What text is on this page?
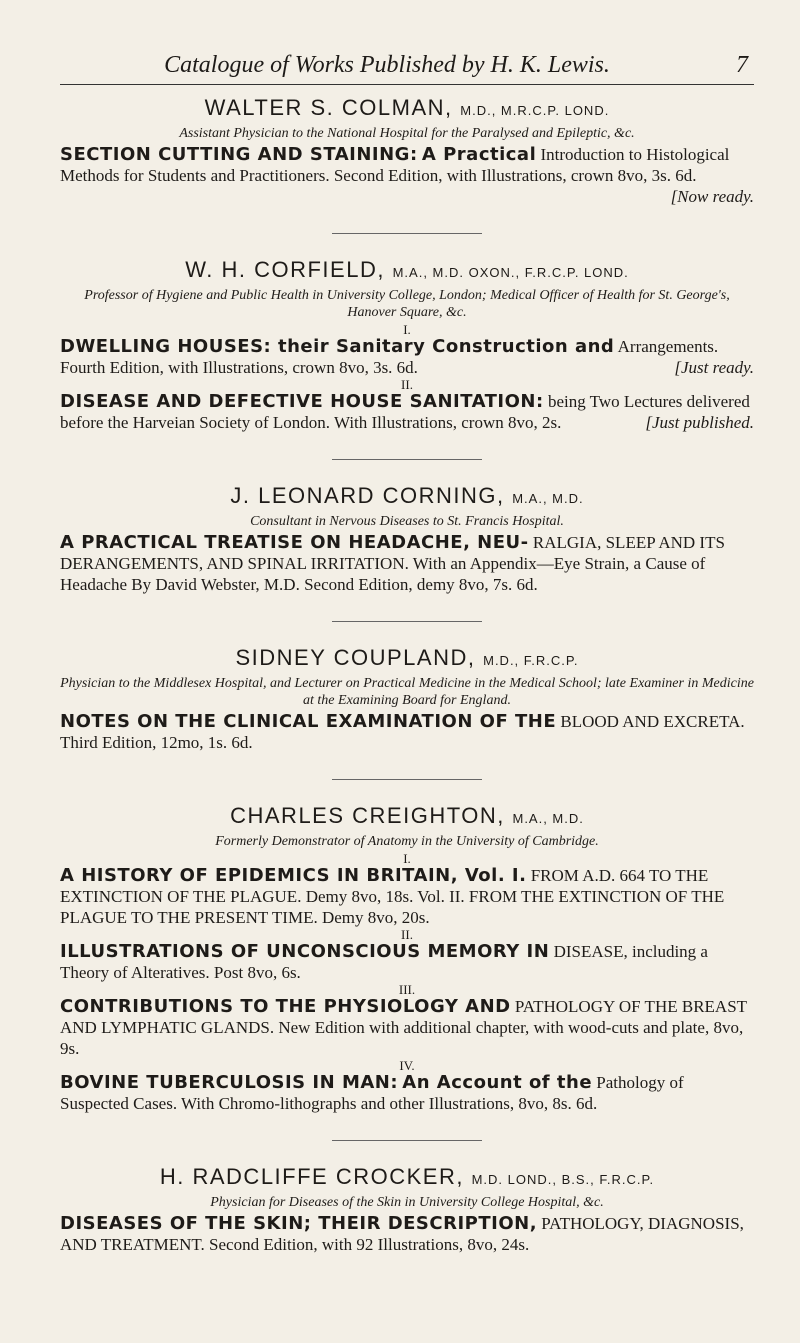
Catalogue of Works Published by H. K. Lewis.	7

WALTER S. COLMAN, M.D., M.R.C.P. LOND.

Assistant Physician to the National Hospital for the Paralysed and Epileptic, &c.

SECTION CUTTING AND STAINING: A Practical Introduction to Histological Methods for Students and Practitioners. Second Edition, with Illustrations, crown 8vo, 3s. 6d.
[Now ready.

W. H. CORFIELD, M.A., M.D. OXON., F.R.C.P. LOND.

Professor of Hygiene and Public Health in University College, London; Medical Officer of Health for St. George's, Hanover Square, &c.

I.

DWELLING HOUSES: their Sanitary Construction and Arrangements. Fourth Edition, with Illustrations, crown 8vo, 3s. 6d.	[Just ready.

II.

DISEASE AND DEFECTIVE HOUSE SANITATION: being Two Lectures delivered before the Harveian Society of London. With Illustrations, crown 8vo, 2s.	[Just published.

J. LEONARD CORNING, M.A., M.D.

Consultant in Nervous Diseases to St. Francis Hospital.

A PRACTICAL TREATISE ON HEADACHE, NEU- RALGIA, SLEEP AND ITS DERANGEMENTS, AND SPINAL IRRITATION. With an Appendix—Eye Strain, a Cause of Headache By David Webster, M.D. Second Edition, demy 8vo, 7s. 6d.

SIDNEY COUPLAND, M.D., F.R.C.P.

Physician to the Middlesex Hospital, and Lecturer on Practical Medicine in the Medical School; late Examiner in Medicine at the Examining Board for England.

NOTES ON THE CLINICAL EXAMINATION OF THE BLOOD AND EXCRETA. Third Edition, 12mo, 1s. 6d.

CHARLES CREIGHTON, M.A., M.D.

Formerly Demonstrator of Anatomy in the University of Cambridge.

I.

A HISTORY OF EPIDEMICS IN BRITAIN, Vol. I. FROM A.D. 664 TO THE EXTINCTION OF THE PLAGUE. Demy 8vo, 18s. Vol. II. FROM THE EXTINCTION OF THE PLAGUE TO THE PRESENT TIME. Demy 8vo, 20s.

II.

ILLUSTRATIONS OF UNCONSCIOUS MEMORY IN DISEASE, including a Theory of Alteratives. Post 8vo, 6s.

III.

CONTRIBUTIONS TO THE PHYSIOLOGY AND PATHOLOGY OF THE BREAST AND LYMPHATIC GLANDS. New Edition with additional chapter, with wood-cuts and plate, 8vo, 9s.

IV.

BOVINE TUBERCULOSIS IN MAN: An Account of the Pathology of Suspected Cases. With Chromo-lithographs and other Illustrations, 8vo, 8s. 6d.

H. RADCLIFFE CROCKER, M.D. LOND., B.S., F.R.C.P.

Physician for Diseases of the Skin in University College Hospital, &c.

DISEASES OF THE SKIN; THEIR DESCRIPTION, PATHOLOGY, DIAGNOSIS, AND TREATMENT. Second Edition, with 92 Illustrations, 8vo, 24s.
